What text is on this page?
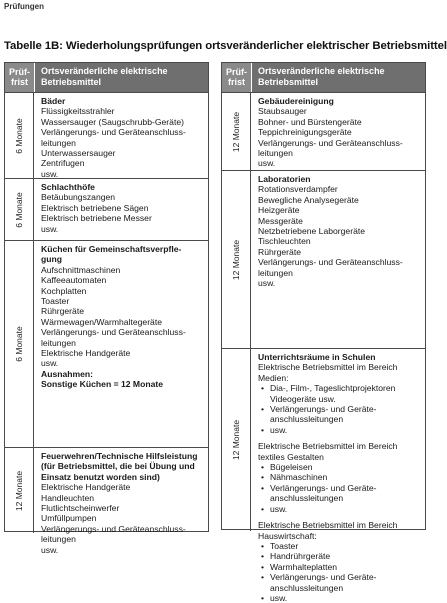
Prüfungen
Tabelle 1B: Wiederholungsprüfungen ortsveränderlicher elektrischer Betriebsmittel
Prüf-
frist
Ortsveränderliche elektrische
Betriebsmittel
6 Monate
Bäder
Flüssigkeitsstrahler
Wassersauger (Saugschrubb-Geräte)
Verlängerungs- und Geräteanschluss-
leitungen
Unterwassersauger
Zentrifugen
usw.
6 Monate
Schlachthöfe
Betäubungszangen
Elektrisch betriebene Sägen
Elektrisch betriebene Messer
usw.
6 Monate
Küchen für Gemeinschaftsverpfle-
gung
Aufschnittmaschinen
Kaffeeautomaten
Kochplatten
Toaster
Rührgeräte
Wärmewagen/Warmhaltegeräte
Verlängerungs- und Geräteanschluss-
leitungen
Elektrische Handgeräte
usw.
Ausnahmen:
Sonstige Küchen = 12 Monate
12 Monate
Feuerwehren/Technische Hilfsleistung
(für Betriebsmittel, die bei Übung und
Einsatz benutzt worden sind)
Elektrische Handgeräte
Handleuchten
Flutlichtscheinwerfer
Umfüllpumpen
Verlängerungs- und Geräteanschluss-
leitungen
usw.
Prüf-
frist
Ortsveränderliche elektrische
Betriebsmittel
12 Monate
Gebäudereinigung
Staubsauger
Bohner- und Bürstengeräte
Teppichreinigungsgeräte
Verlängerungs- und Geräteanschluss-
leitungen
usw.
12 Monate
Laboratorien
Rotationsverdampfer
Bewegliche Analysegeräte
Heizgeräte
Messgeräte
Netzbetriebene Laborgeräte
Tischleuchten
Rührgeräte
Verlängerungs- und Geräteanschluss-
leitungen
usw.
12 Monate
Unterrichtsräume in Schulen
Elektrische Betriebsmittel im Bereich
Medien:
• Dia-, Film-, Tageslichtprojektoren
Videogeräte usw.
• Verlängerungs- und Geräte-
anschlussleitungen
• usw.
Elektrische Betriebsmittel im Bereich
textiles Gestalten
• Bügeleisen
• Nähmaschinen
• Verlängerungs- und Geräte-
anschlussleitungen
• usw.
Elektrische Betriebsmittel im Bereich
Hauswirtschaft:
• Toaster
• Handrührgeräte
• Warmhalteplatten
• Verlängerungs- und Geräte-
anschlussleitungen
• usw.
